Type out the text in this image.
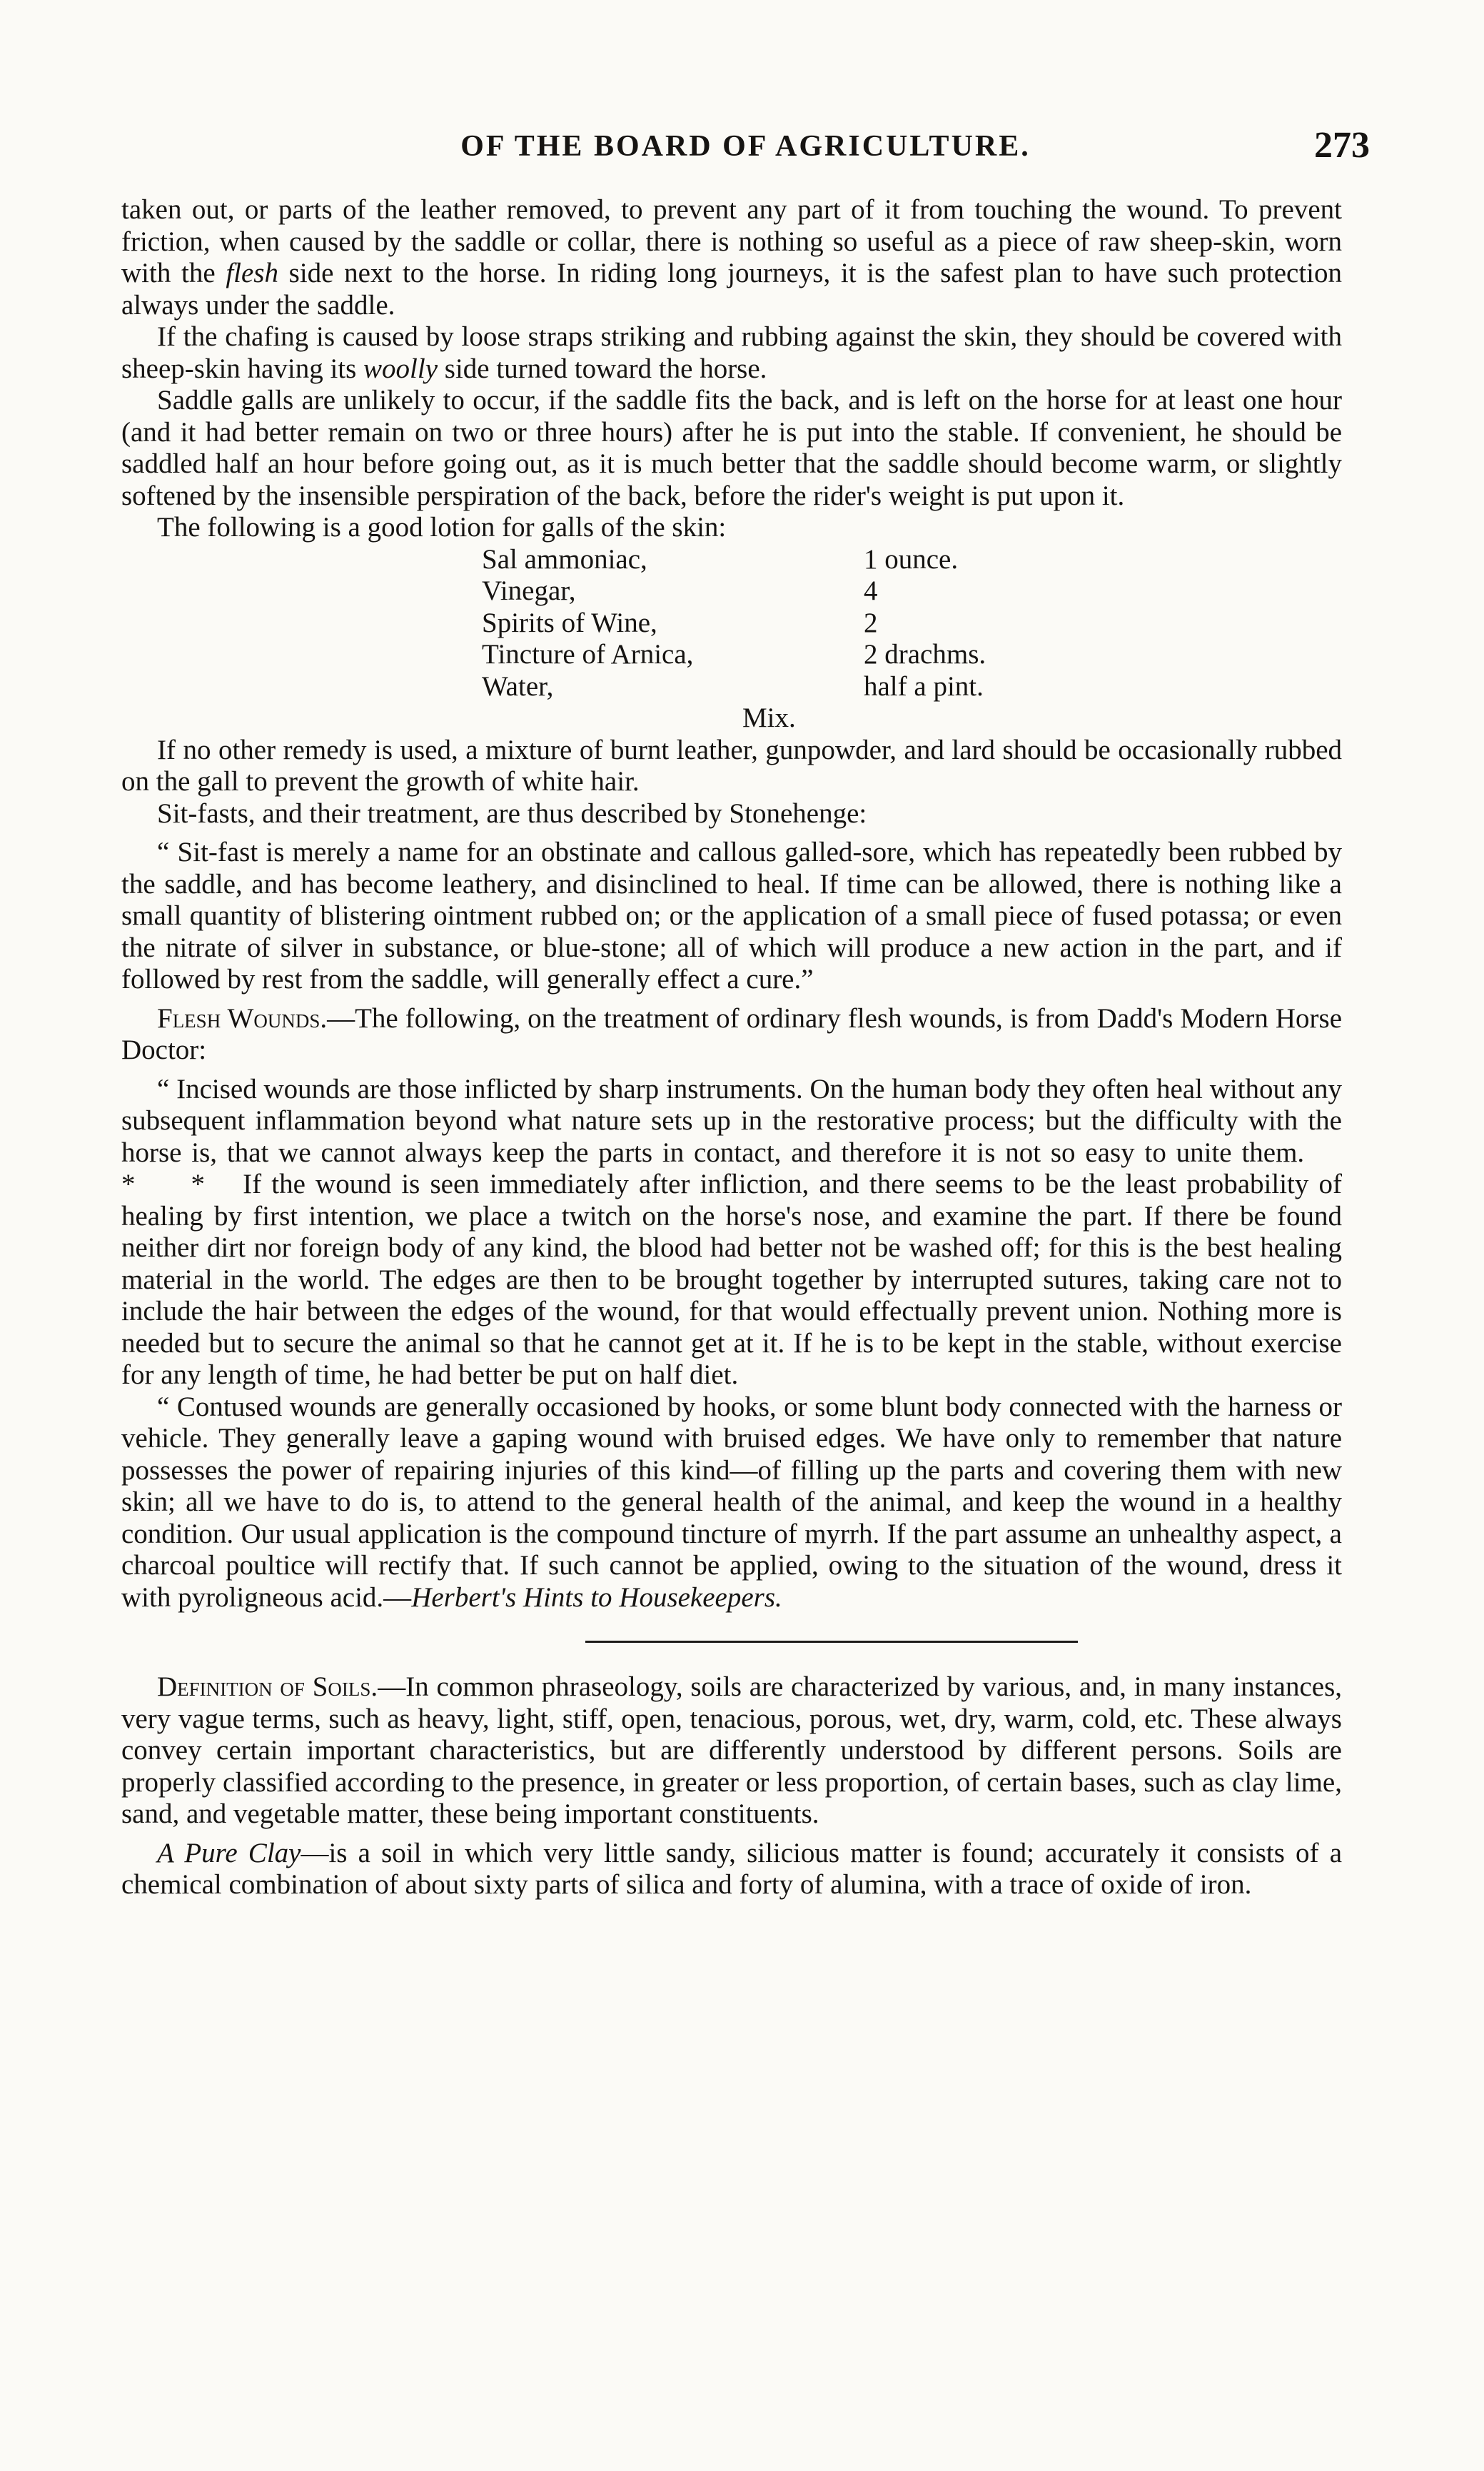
OF THE BOARD OF AGRICULTURE.	273

taken out, or parts of the leather removed, to prevent any part of it from touching the wound. To prevent friction, when caused by the saddle or collar, there is nothing so useful as a piece of raw sheep-skin, worn with the flesh side next to the horse. In riding long journeys, it is the safest plan to have such protection always under the saddle.

If the chafing is caused by loose straps striking and rubbing against the skin, they should be covered with sheep-skin having its woolly side turned toward the horse.

Saddle galls are unlikely to occur, if the saddle fits the back, and is left on the horse for at least one hour (and it had better remain on two or three hours) after he is put into the stable. If convenient, he should be saddled half an hour before going out, as it is much better that the saddle should become warm, or slightly softened by the insensible perspiration of the back, before the rider's weight is put upon it.

The following is a good lotion for galls of the skin:

Sal ammoniac,	1 ounce.
Vinegar,	4
Spirits of Wine,	2
Tincture of Arnica,	2 drachms.
Water,	half a pint.
Mix.

If no other remedy is used, a mixture of burnt leather, gunpowder, and lard should be occasionally rubbed on the gall to prevent the growth of white hair.

Sit-fasts, and their treatment, are thus described by Stonehenge:

“ Sit-fast is merely a name for an obstinate and callous galled-sore, which has repeatedly been rubbed by the saddle, and has become leathery, and disinclined to heal. If time can be allowed, there is nothing like a small quantity of blistering ointment rubbed on; or the application of a small piece of fused potassa; or even the nitrate of silver in substance, or blue-stone; all of which will produce a new action in the part, and if followed by rest from the saddle, will generally effect a cure.”

Flesh Wounds.—The following, on the treatment of ordinary flesh wounds, is from Dadd's Modern Horse Doctor:

“ Incised wounds are those inflicted by sharp instruments. On the human body they often heal without any subsequent inflammation beyond what nature sets up in the restorative process; but the difficulty with the horse is, that we cannot always keep the parts in contact, and therefore it is not so easy to unite them.  *  *  If the wound is seen immediately after infliction, and there seems to be the least probability of healing by first intention, we place a twitch on the horse's nose, and examine the part. If there be found neither dirt nor foreign body of any kind, the blood had better not be washed off; for this is the best healing material in the world. The edges are then to be brought together by interrupted sutures, taking care not to include the hair between the edges of the wound, for that would effectually prevent union. Nothing more is needed but to secure the animal so that he cannot get at it. If he is to be kept in the stable, without exercise for any length of time, he had better be put on half diet.

“ Contused wounds are generally occasioned by hooks, or some blunt body connected with the harness or vehicle. They generally leave a gaping wound with bruised edges. We have only to remember that nature possesses the power of repairing injuries of this kind—of filling up the parts and covering them with new skin; all we have to do is, to attend to the general health of the animal, and keep the wound in a healthy condition. Our usual application is the compound tincture of myrrh. If the part assume an unhealthy aspect, a charcoal poultice will rectify that. If such cannot be applied, owing to the situation of the wound, dress it with pyroligneous acid.—Herbert's Hints to Housekeepers.

Definition of Soils.—In common phraseology, soils are characterized by various, and, in many instances, very vague terms, such as heavy, light, stiff, open, tenacious, porous, wet, dry, warm, cold, etc. These always convey certain important characteristics, but are differently understood by different persons. Soils are properly classified according to the presence, in greater or less proportion, of certain bases, such as clay lime, sand, and vegetable matter, these being important constituents.

A Pure Clay—is a soil in which very little sandy, silicious matter is found; accurately it consists of a chemical combination of about sixty parts of silica and forty of alumina, with a trace of oxide of iron.
